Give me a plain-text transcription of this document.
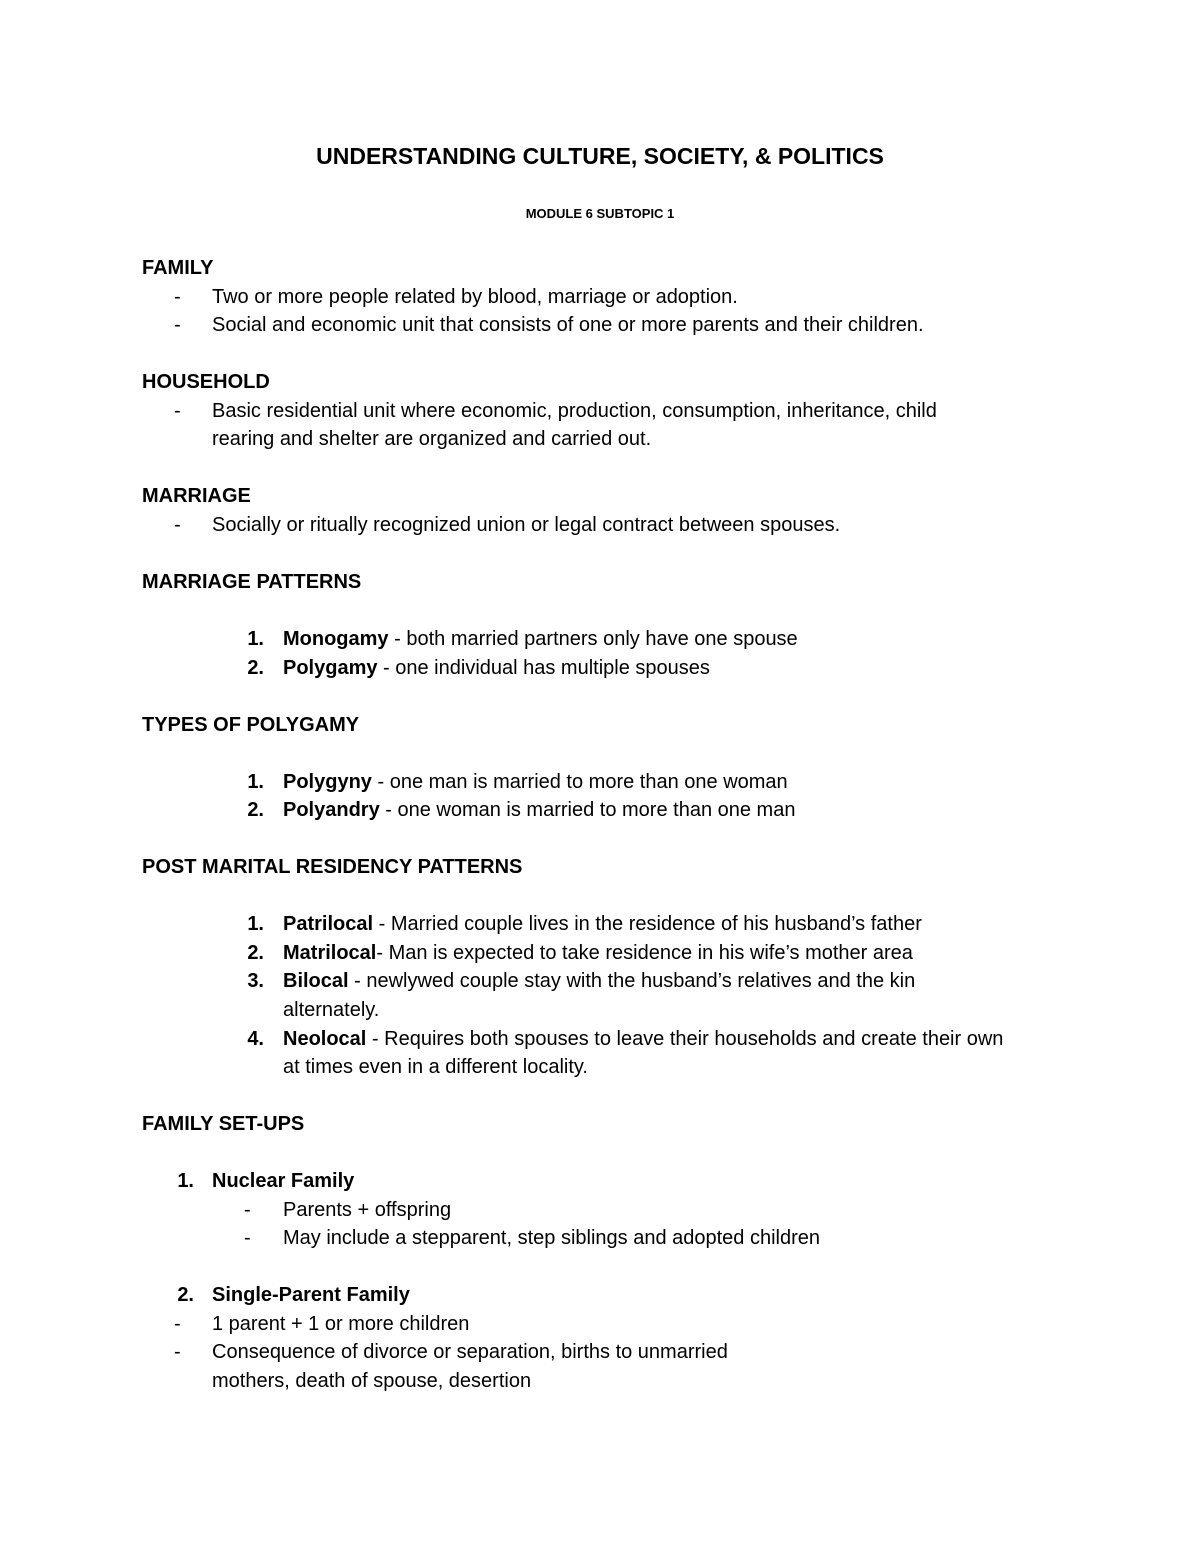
UNDERSTANDING CULTURE, SOCIETY, & POLITICS
MODULE 6 SUBTOPIC 1
FAMILY
- Two or more people related by blood, marriage or adoption.
- Social and economic unit that consists of one or more parents and their children.
HOUSEHOLD
- Basic residential unit where economic, production, consumption, inheritance, child
rearing and shelter are organized and carried out.
MARRIAGE
- Socially or ritually recognized union or legal contract between spouses.
MARRIAGE PATTERNS
1. Monogamy - both married partners only have one spouse
2. Polygamy - one individual has multiple spouses
TYPES OF POLYGAMY
1. Polygyny - one man is married to more than one woman
2. Polyandry - one woman is married to more than one man
POST MARITAL RESIDENCY PATTERNS
1. Patrilocal - Married couple lives in the residence of his husband’s father
2. Matrilocal- Man is expected to take residence in his wife’s mother area
3. Bilocal - newlywed couple stay with the husband’s relatives and the kin
alternately.
4. Neolocal - Requires both spouses to leave their households and create their own
at times even in a different locality.
FAMILY SET-UPS
1. Nuclear Family
- Parents + offspring
- May include a stepparent, step siblings and adopted children
2. Single-Parent Family
- 1 parent + 1 or more children
- Consequence of divorce or separation, births to unmarried
mothers, death of spouse, desertion
